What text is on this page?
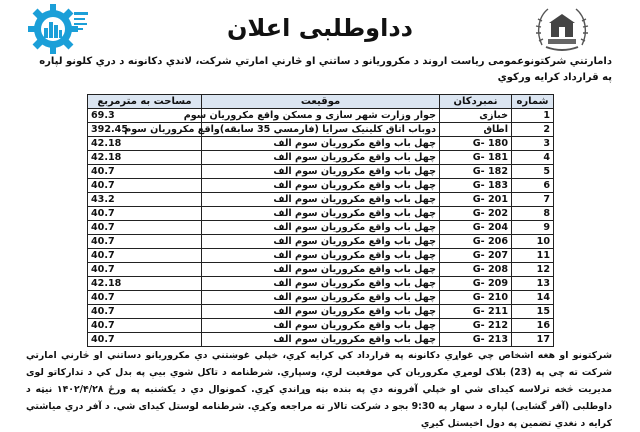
دداوطلبی اعلان
دامارتني شرکتونوعمومی ریاست اروند د مکروریانو د ساتني او څارني امارتي شرکت، لاندي دکانونه د دري کلونو لپاره په قرارداد کرایه ورکوي
شماره	نمبردکان	موقیعت	مساحت به مترمربع
1	خبازی	جوار وزارت شهر سازی و مسکن واقع مکروریان سوم	69.3
2	اطاق	دوباب اتاق کلینیک سرایا (فارمسي 35 سابقه)واقع مکروریان سوم	392.45
3	G- 180	چهل باب واقع مکروریان سوم الف	42.18
4	G- 181	چهل باب واقع مکروریان سوم الف	42.18
5	G- 182	چهل باب واقع مکروریان سوم الف	40.7
6	G- 183	چهل باب واقع مکروریان سوم الف	40.7
7	G- 201	چهل باب واقع مکروریان سوم الف	43.2
8	G- 202	چهل باب واقع مکروریان سوم الف	40.7
9	G- 204	چهل باب واقع مکروریان سوم الف	40.7
10	G- 206	چهل باب واقع مکروریان سوم الف	40.7
11	G- 207	چهل باب واقع مکروریان سوم الف	40.7
12	G- 208	چهل باب واقع مکروریان سوم الف	40.7
13	G- 209	چهل باب واقع مکروریان سوم الف	42.18
14	G- 210	چهل باب واقع مکروریان سوم الف	40.7
15	G- 211	چهل باب واقع مکروریان سوم الف	40.7
16	G- 212	چهل باب واقع مکروریان سوم الف	40.7
17	G- 213	چهل باب واقع مکروریان سوم الف	40.7
شرکتونو او هغه اشخاص چي غواړي دکانونه په قرارداد کي کرایه کړي، خپلي غوښتني دي مکروریانو دساتني او څارني امارتي شرکت ته چي په (23) بلاک لومړي مکروریان کي موقعیت لري، وسپاري. شرطنامه د تاکل شوي بیې په بدل کي د تدارکاتو لوی مدیریت څخه ترلاسه کیدای شي او خپلي آفرونه دي په بنده بڼه وړاندي کړي. کمونوال دي د یکشنبه په ورځ ۱۴۰۲/۴/۲۸ نیټه د داوطلبی (آفر گشایی) لپاره د سهار په 9:30 بجو د شرکت تالار ته مراجعه وکړي. شرطنامه لوستل کیدای شي. د آفر دري میاشتي کرایه د نغدي تضمین په دول اخیستل کیږي
